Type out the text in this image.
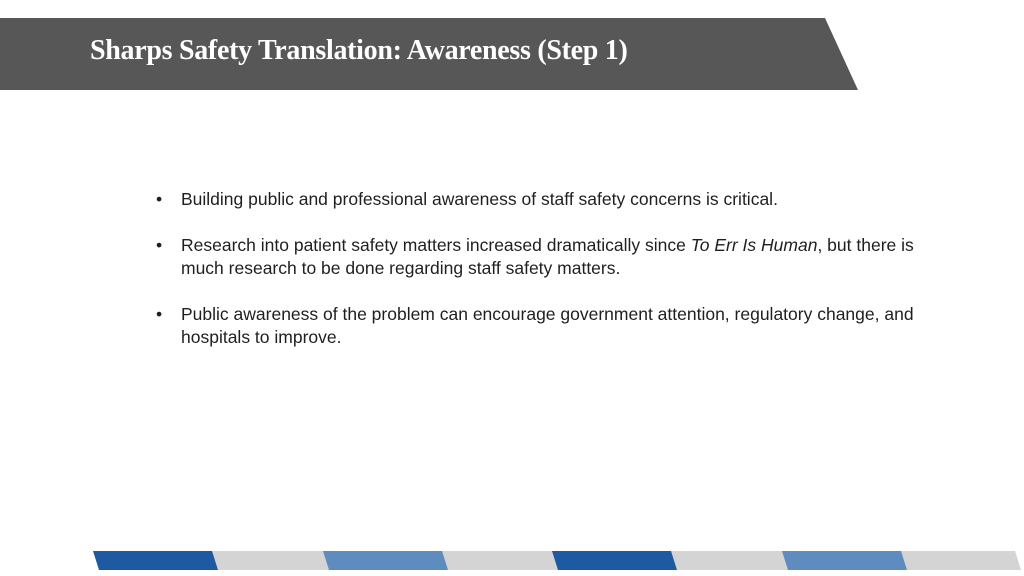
Sharps Safety Translation: Awareness (Step 1)
• Building public and professional awareness of staff safety concerns is critical.
• Research into patient safety matters increased dramatically since To Err Is Human, but there is much research to be done regarding staff safety matters.
• Public awareness of the problem can encourage government attention, regulatory change, and hospitals to improve.
